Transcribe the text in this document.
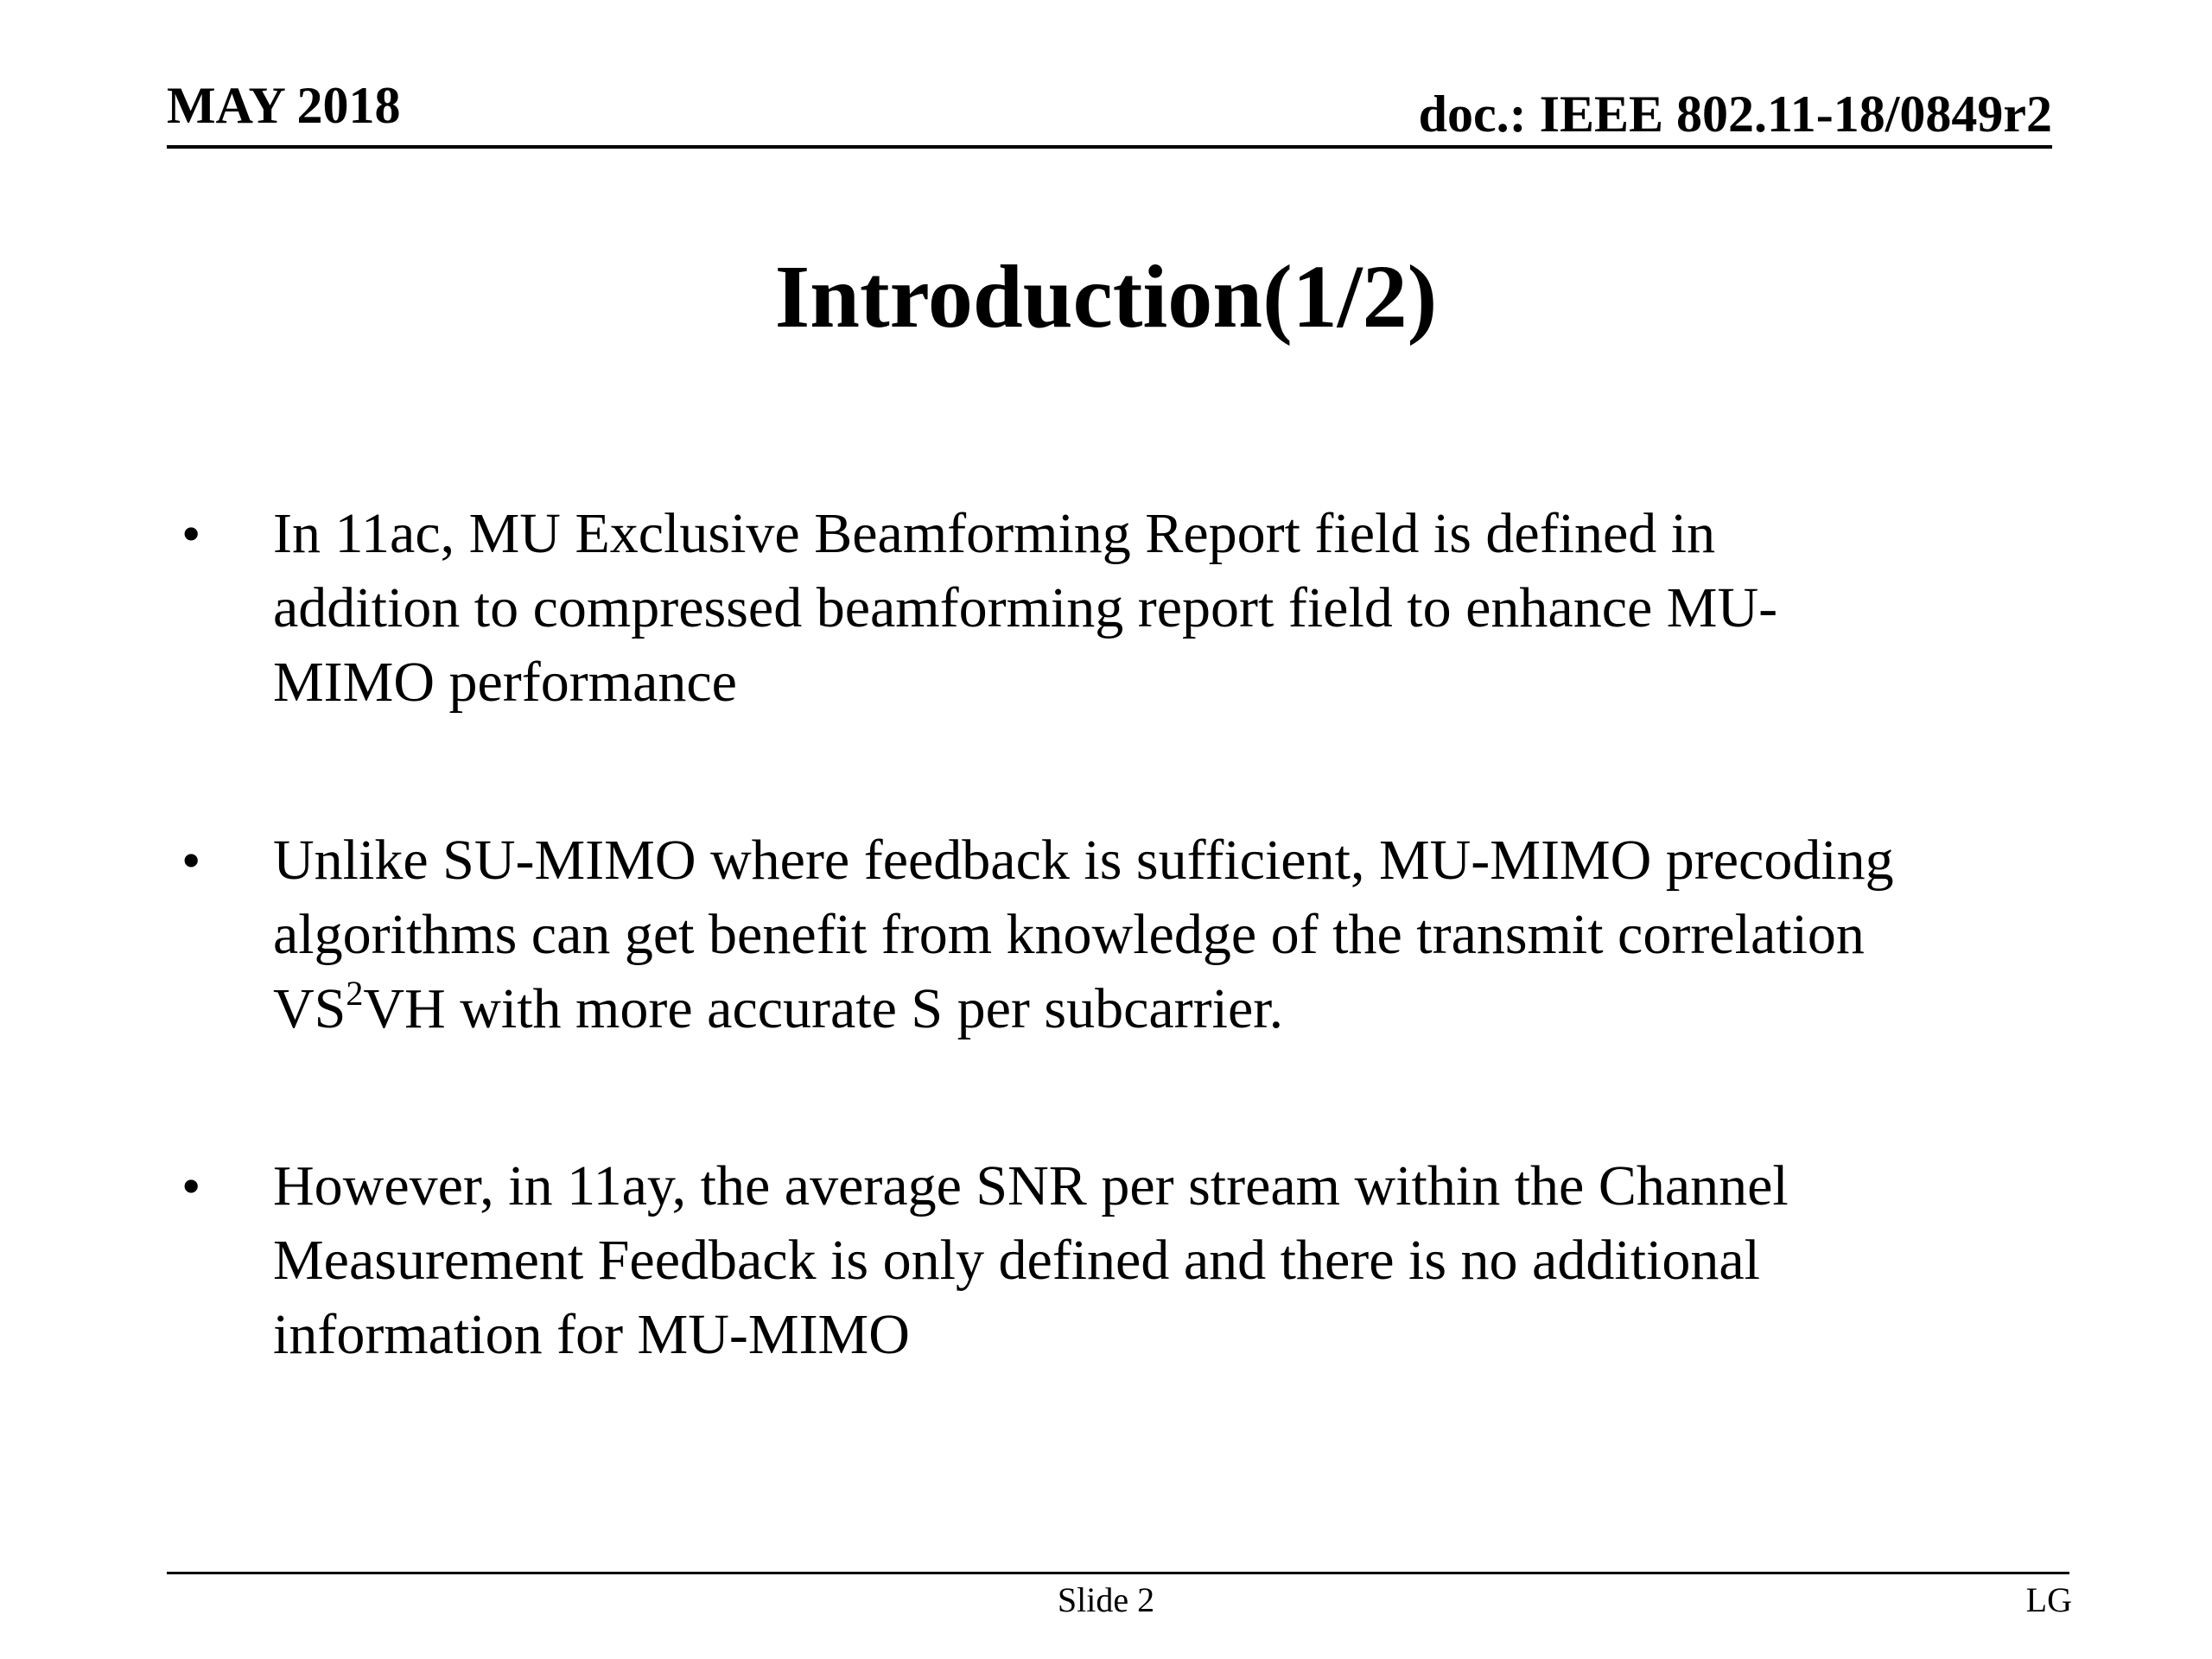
MAY 2018	doc.: IEEE 802.11-18/0849r2
Introduction(1/2)
• In 11ac, MU Exclusive Beamforming Report field is defined in
addition to compressed beamforming report field to enhance MU-
MIMO performance
• Unlike SU-MIMO where feedback is sufficient, MU-MIMO precoding
algorithms can get benefit from knowledge of the transmit correlation
$VS^2VH$ with more accurate S per subcarrier.
• However, in 11ay, the average SNR per stream within the Channel
Measurement Feedback is only defined and there is no additional
information for MU-MIMO
Slide 2	LG
